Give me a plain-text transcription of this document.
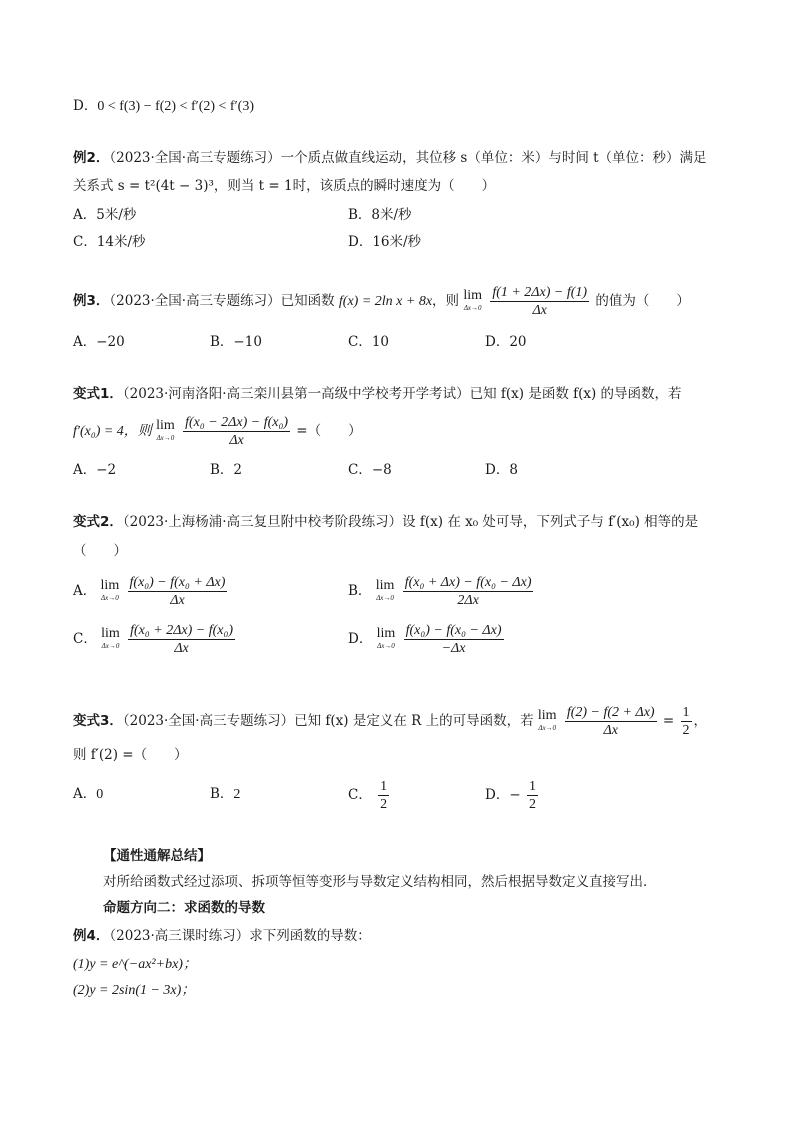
D．0 < f(3) − f(2) < f′(2) < f′(3)
例2．（2023·全国·高三专题练习）一个质点做直线运动，其位移 s（单位：米）与时间 t（单位：秒）满足
关系式 s = t²(4t − 3)³，则当 t = 1时，该质点的瞬时速度为（　　）
A．5米/秒	B．8米/秒
C．14米/秒	D．16米/秒
例3．（2023·全国·高三专题练习）已知函数 f(x) = 2ln x + 8x，则 lim
Δx→0
$\frac{f(1 + 2\Delta x) - f(1)}{\Delta x}$ 的值为（　　）
A．−20	B．−10	C．10	D．20
变式1．（2023·河南洛阳·高三栾川县第一高级中学校考开学考试）已知 f(x) 是函数 f(x) 的导函数，若
f′(x₀) = 4，则 lim
Δx→0
$\frac{\text{f(x₀ − 2Δx) − f(x₀)}}{\Delta x}$ =（　　）
A．−2	B．2	C．−8	D．8
变式2．（2023·上海杨浦·高三复旦附中校考阶段练习）设 f(x) 在 x₀ 处可导，下列式子与 f′(x₀) 相等的是
（　　）
A． lim
Δx→0
$\frac{\text{f(x₀) − f(x₀ + Δx)}}{\Delta x}$	B． lim
Δx→0
$\frac{\text{f(x₀ + Δx) − f(x₀ − Δx)}}{2\Delta x}$
C． lim
Δx→0
$\frac{\text{f(x₀ + 2Δx) − f(x₀)}}{\Delta x}$	D． lim
Δx→0
$\frac{\text{f(x₀) − f(x₀ − Δx)}}{-\Delta x}$
变式3．（2023·全国·高三专题练习）已知 f(x) 是定义在 R 上的可导函数，若 lim
Δx→0
$\frac{f(2) - f(2 + \Delta x)}{\Delta x} = \frac{1}{2}$ ，
则 f′(2) =（　　）
A．0	B．2	C． $\frac{1}{2}$	D．− $\frac{1}{2}$
【通性通解总结】
对所给函数式经过添项、拆项等恒等变形与导数定义结构相同，然后根据导数定义直接写出．
命题方向二：求函数的导数
例4．（2023·高三课时练习）求下列函数的导数：
(1)y = e^(−ax²+bx)；
(2)y = 2sin(1 − 3x)；
